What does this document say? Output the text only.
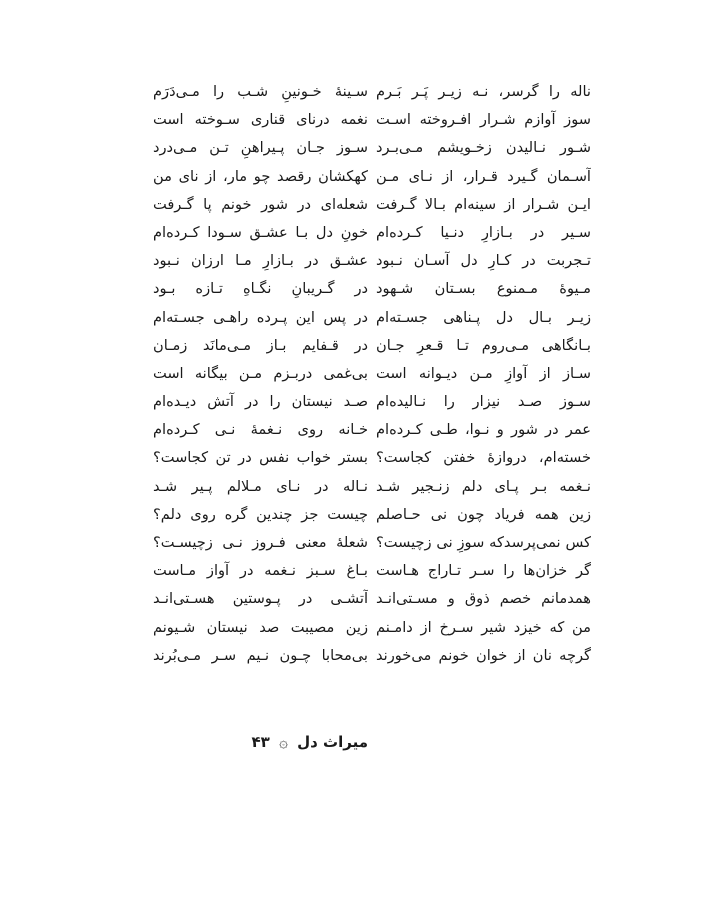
ناله را گرسر، نـه زیـر پَـر بَـرم
سوز آوازم شـرار افـروخته اسـت
شـور نـالیدن زخـویشم مـی‌بـرد
آسـمان گـیرد قـرار، از نـای مـن
ایـن شـرار از سینه‌ام بـالا گـرفت
سـیر در بـازارِ دنـیا کـرده‌ام
تـجربت در کـارِ دل آسـان نـبود
مـیوهٔ مـمنوع بسـتان شـهود
زیـر بـال دل پـناهی جسـته‌ام
بـانگاهی مـی‌روم تـا قـعرِ جـان
سـاز از آوازِ مـن دیـوانه است
سـوز صـد نیزار را نـالیده‌ام
عمر در شور و نـوا، طـی کـرده‌ام
خسته‌ام، دروازهٔ خفتن کجاست؟
نـغمه بـر پـای دلم زنـجیر شـد
زین همه فریاد چون نی حـاصلم
کس نمی‌پرسدکه سوزِ نی زچیست؟
گر خزان‌ها را سـر تـاراج هـاست
همدمانم خصم ذوق و مسـتی‌انـد
من که خیزد شیر سـرخ از دامـنم
گرچه نان از خوان خونم می‌خورند
سـینهٔ خـونینِ شـب را مـی‌دَرَم
نغمه درنای قناری سـوخته است
سـوز جـان پـیراهنِ تـن مـی‌درد
کهکشان رقصد چو مار، از نای من
شعله‌ای در شور خونم پا گـرفت
خونِ دل بـا عشـق سـودا کـرده‌ام
عشـق در بـازارِ مـا ارزان نـبود
در گـریبانِ نگـاهِ تـازه بـود
در پس این پـرده راهـی جسـته‌ام
در قـفایم بـاز مـی‌مانَد زمـان
بی‌غمی دربـزم مـن بیگانه است
صـد نیستان را در آتش دیـده‌ام
خـانه روی نـغمهٔ نـی کـرده‌ام
بستر خواب نفس در تن کجاست؟
نـاله در نـای مـلالم پـیر شـد
چیست جز چندین گره روی دلم؟
شعلهٔ معنی فـروز نـی زچیسـت؟
بـاغ سـبز نـغمه در آواز مـاست
آتشـی در پـوستین هسـتی‌انـد
زین مصیبت صد نیستان شـیونم
بی‌محابا چـون نـیم سـر مـی‌بُرند
میراث دل ۞ ۴۳
